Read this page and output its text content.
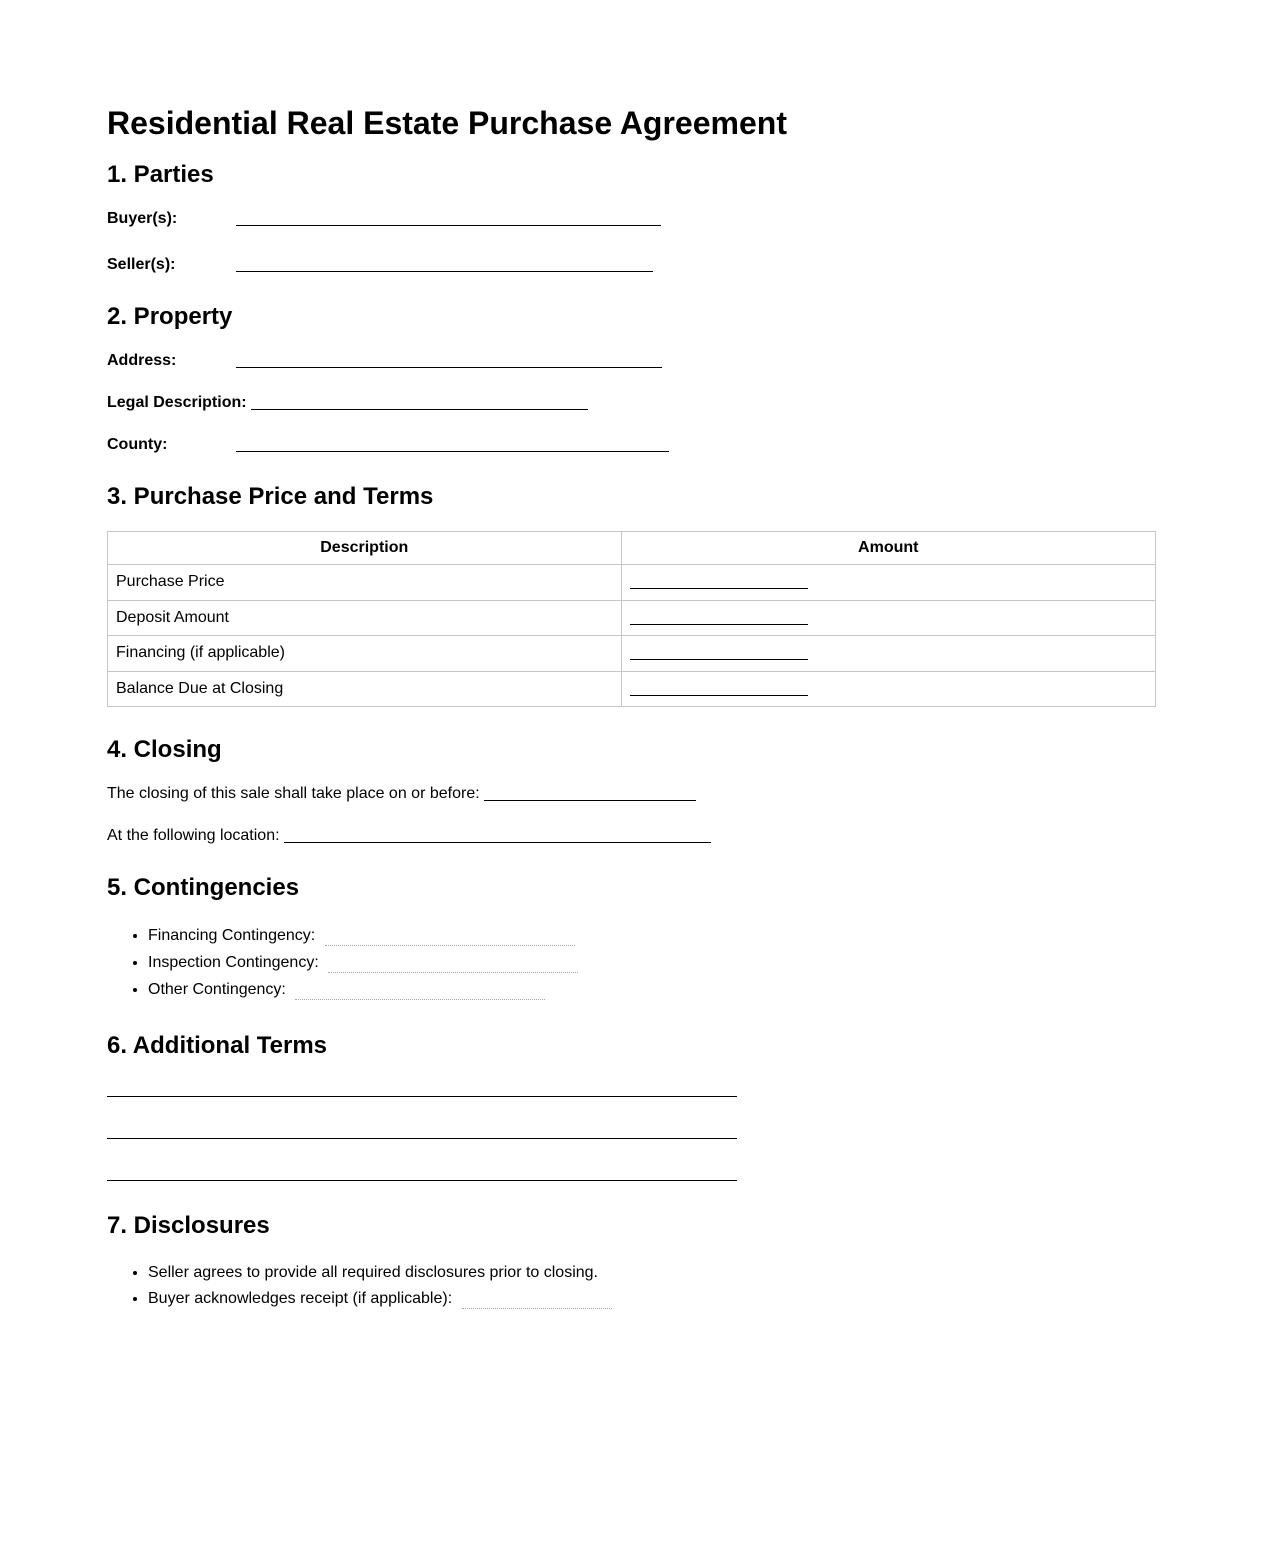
Residential Real Estate Purchase Agreement
1. Parties

Buyer(s):

Seller(s):

2. Property

Address:

Legal Description:

County:

3. Purchase Price and Terms
Description	Amount
Purchase Price	
Deposit Amount	
Financing (if applicable)	
Balance Due at Closing	
4. Closing

The closing of this sale shall take place on or before:

At the following location:

5. Contingencies
• Financing Contingency:
• Inspection Contingency:
• Other Contingency:
6. Additional Terms

7. Disclosures
• Seller agrees to provide all required disclosures prior to closing.
• Buyer acknowledges receipt (if applicable):
